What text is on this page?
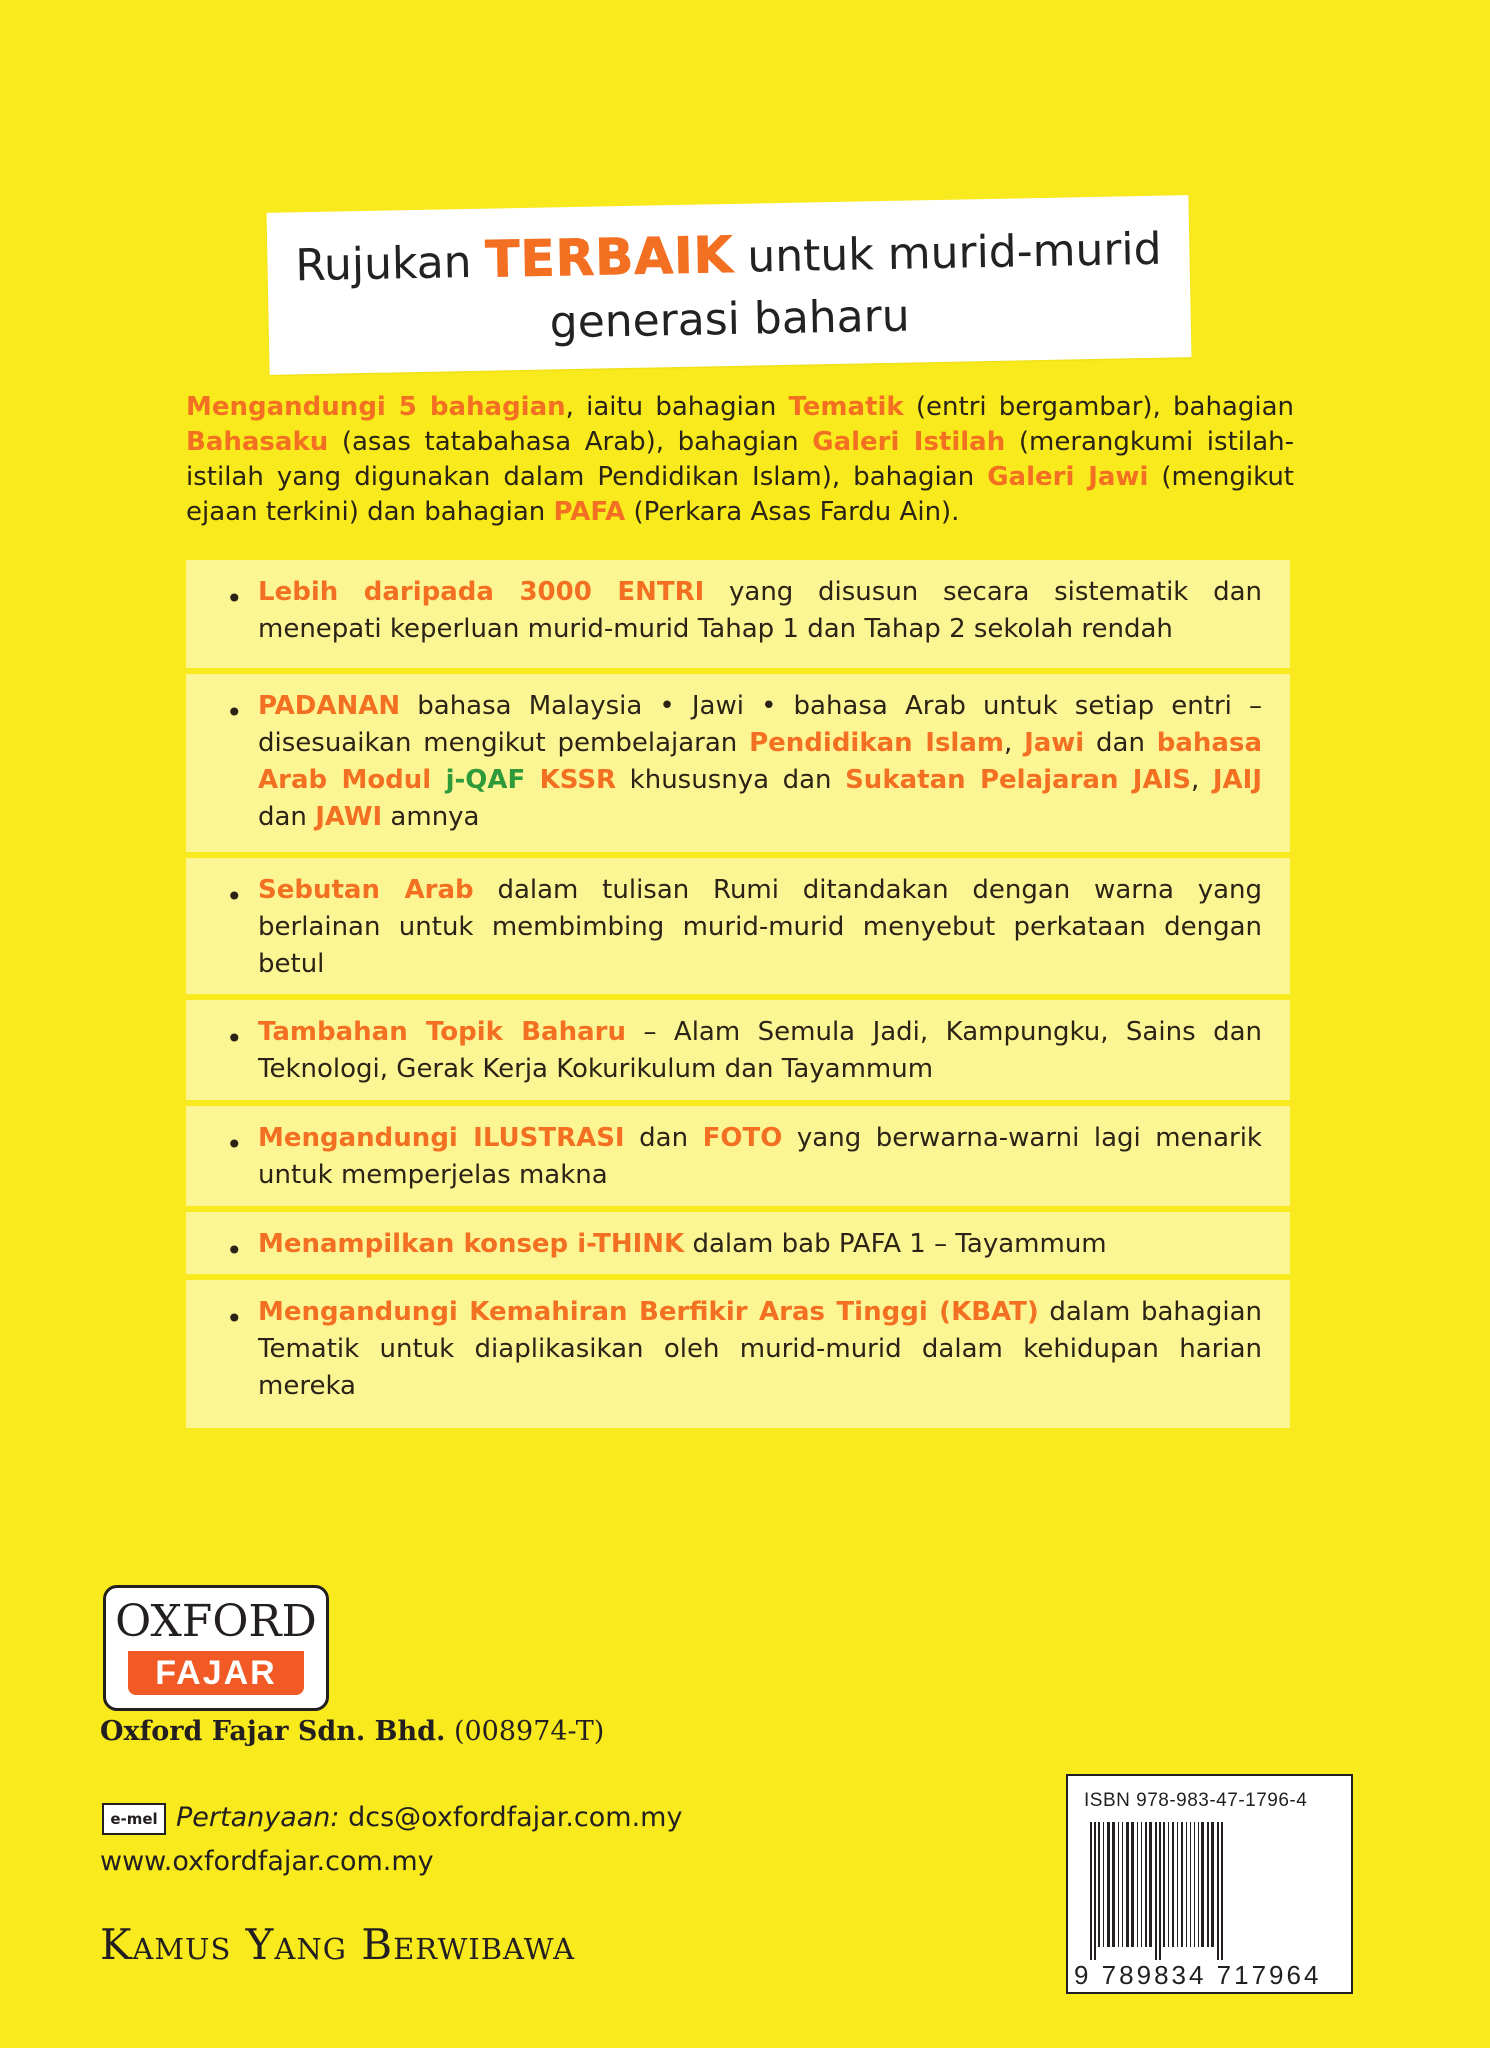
Rujukan TERBAIK untuk murid-murid
generasi baharu
Mengandungi 5 bahagian, iaitu bahagian Tematik (entri bergambar), bahagian Bahasaku (asas tatabahasa Arab), bahagian Galeri Istilah (merangkumi istilah-istilah yang digunakan dalam Pendidikan Islam), bahagian Galeri Jawi (mengikut ejaan terkini) dan bahagian PAFA (Perkara Asas Fardu Ain).
• Lebih daripada 3000 ENTRI yang disusun secara sistematik dan menepati keperluan murid-murid Tahap 1 dan Tahap 2 sekolah rendah
• PADANAN bahasa Malaysia • Jawi • bahasa Arab untuk setiap entri – disesuaikan mengikut pembelajaran Pendidikan Islam, Jawi dan bahasa Arab Modul j-QAF KSSR khususnya dan Sukatan Pelajaran JAIS, JAIJ dan JAWI amnya
• Sebutan Arab dalam tulisan Rumi ditandakan dengan warna yang berlainan untuk membimbing murid-murid menyebut perkataan dengan betul
• Tambahan Topik Baharu – Alam Semula Jadi, Kampungku, Sains dan Teknologi, Gerak Kerja Kokurikulum dan Tayammum
• Mengandungi ILUSTRASI dan FOTO yang berwarna-warni lagi menarik untuk memperjelas makna
• Menampilkan konsep i-THINK dalam bab PAFA 1 – Tayammum
• Mengandungi Kemahiran Berfikir Aras Tinggi (KBAT) dalam bahagian Tematik untuk diaplikasikan oleh murid-murid dalam kehidupan harian mereka
OXFORD
FAJAR
Oxford Fajar Sdn. Bhd. (008974-T)
e-mel Pertanyaan: dcs@oxfordfajar.com.my
www.oxfordfajar.com.my
Kamus Yang Berwibawa
ISBN 978-983-47-1796-4
9 789834 717964
